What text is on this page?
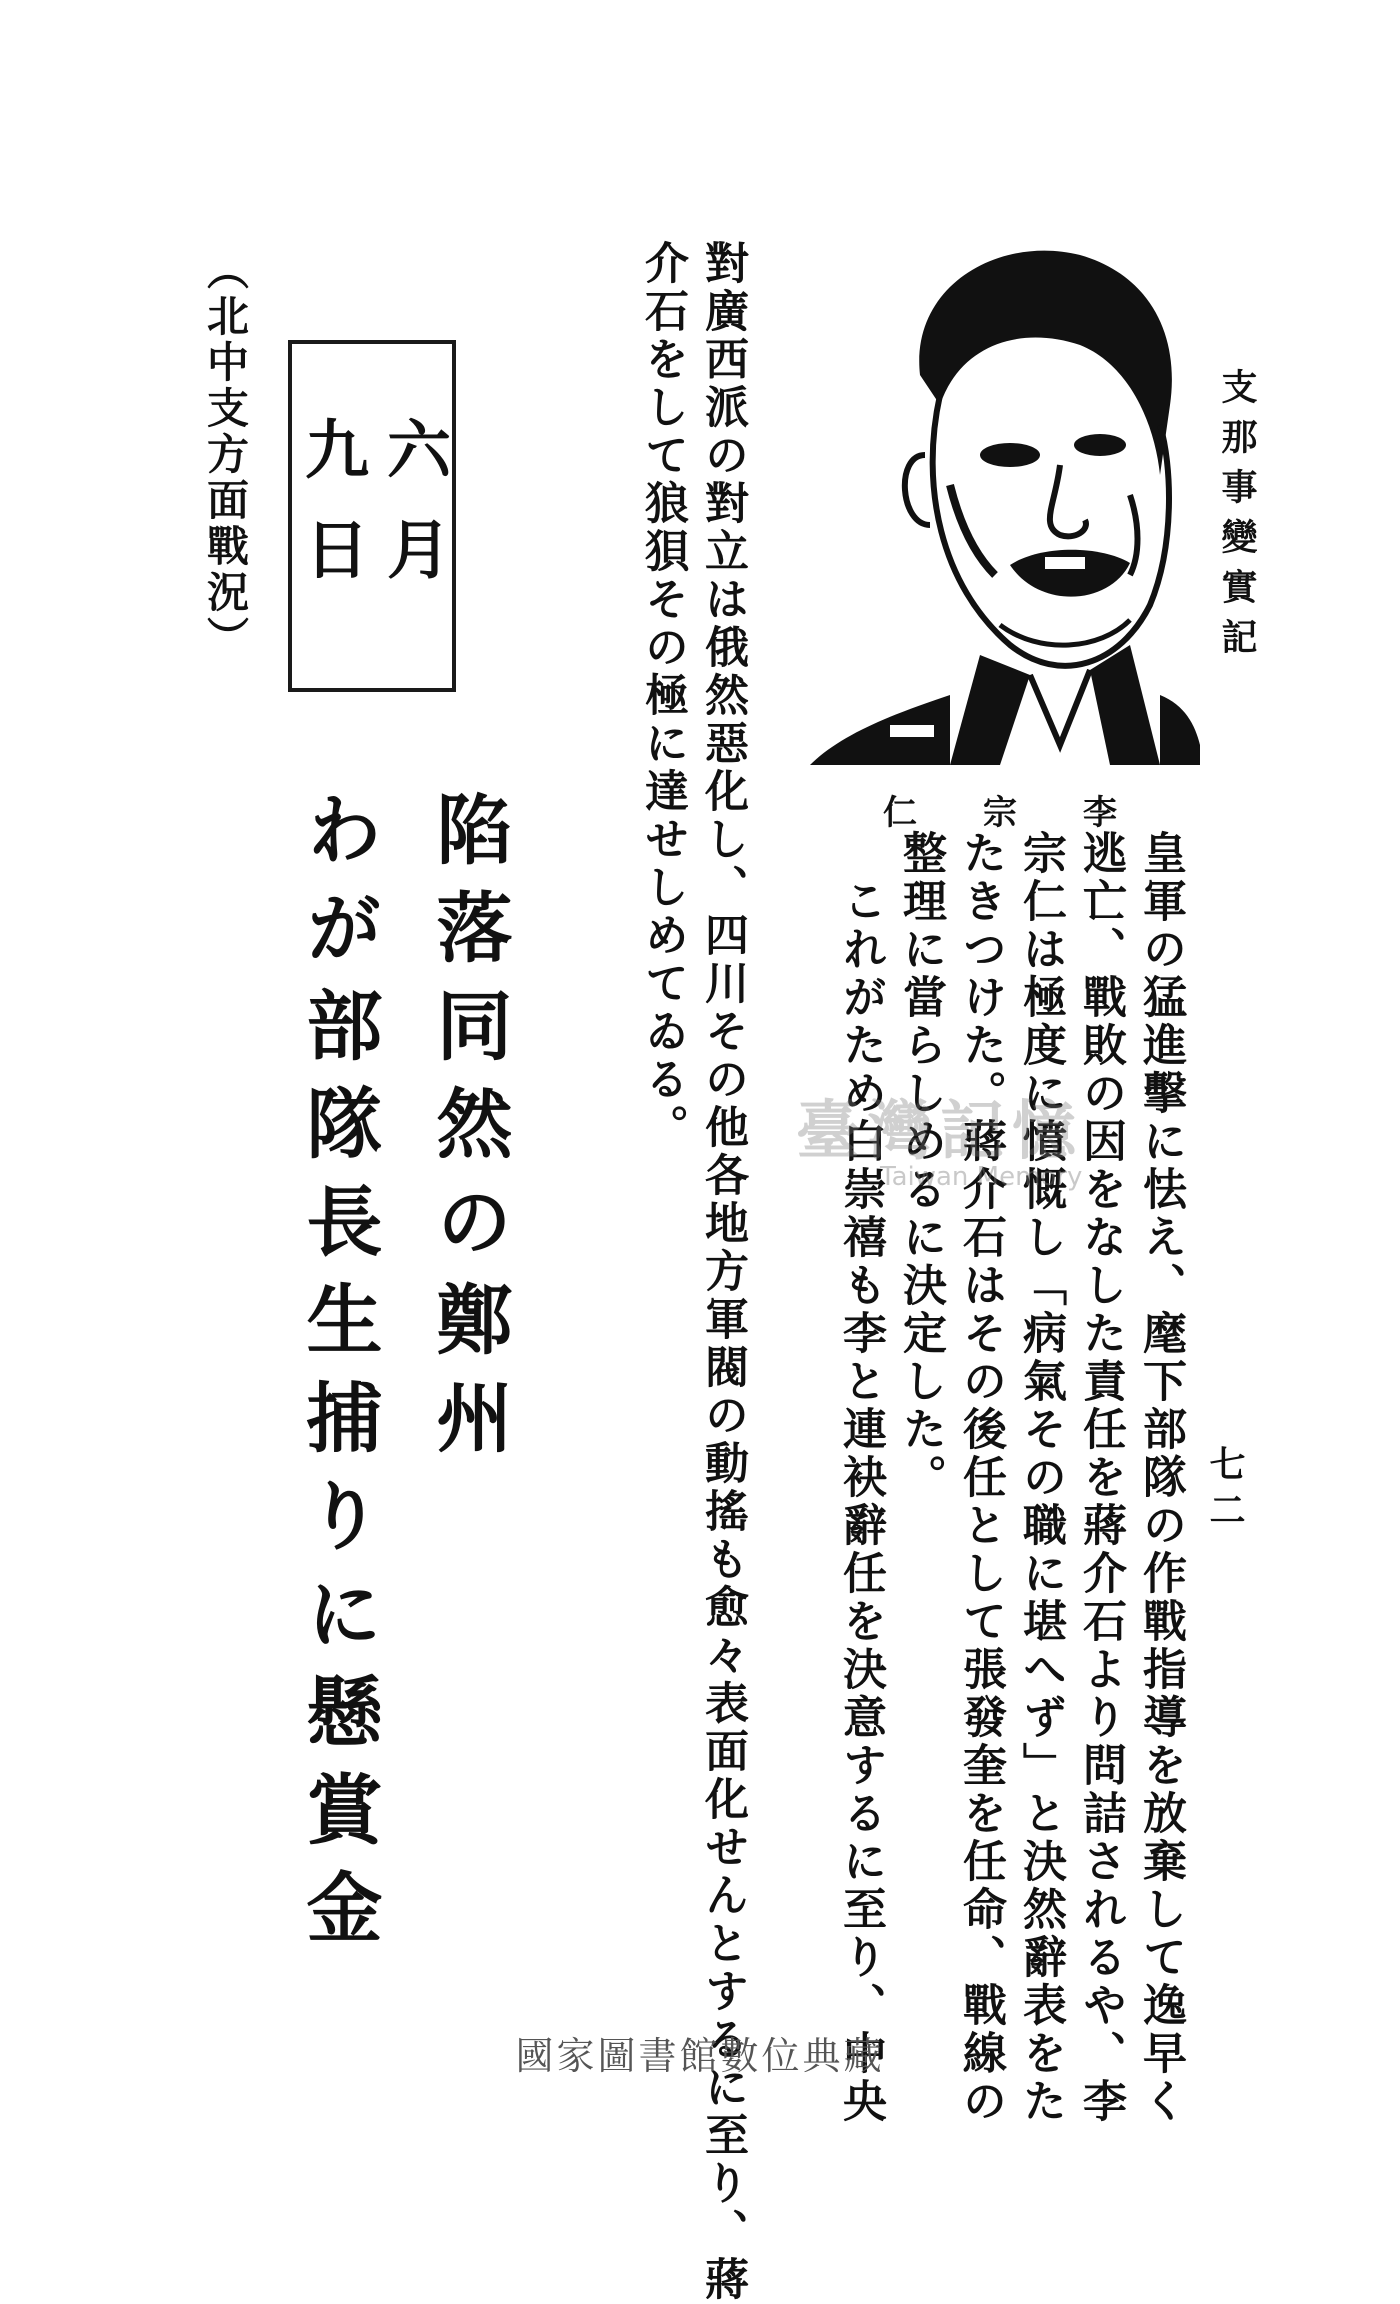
支那事變實記
李
宗
仁
皇軍の猛進擊に怯え、麾下部隊の作戰指導を放棄して逸早く
逃亡、戰敗の因をなした責任を蔣介石より問詰されるや、李
宗仁は極度に憤慨し「病氣その職に堪へず」と決然辭表をた
たきつけた。蔣介石はその後任として張發奎を任命、戰線の
整理に當らしめるに決定した。
　これがため白崇禧も李と連袂辭任を決意するに至り、中央
對廣西派の對立は俄然惡化し、四川その他各地方軍閥の動搖も愈々表面化せんとするに至り、蔣
介石をして狼狽その極に達せしめてゐる。
六月
九日
陷落同然の鄭州
わが部隊長生捕りに懸賞金
（北中支方面戰況）
七二
臺灣記憶
Taiwan Memory
國家圖書館數位典藏
